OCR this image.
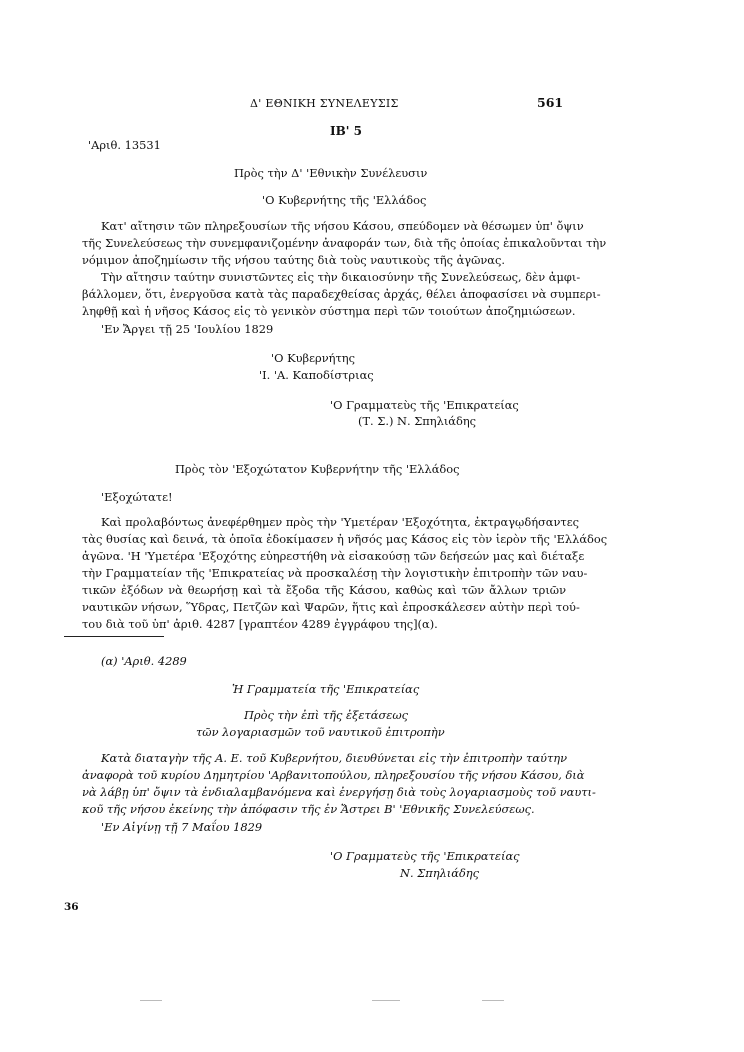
Δ' ΕΘΝΙΚΗ ΣΥΝΕΛΕΥΣΙΣ	561
'Αριθ. 13531
ΙΒ' 5
Πρὸς τὴν Δ' 'Εθνικὴν Συνέλευσιν
'Ο Κυβερνήτης τῆς 'Ελλάδος
Κατ' αἴτησιν τῶν πληρεξουσίων τῆς νήσου Κάσου, σπεύδομεν νὰ θέσωμεν ὑπ' ὄψιν
τῆς Συνελεύσεως τὴν συνεμφανιζομένην ἀναφοράν των, διὰ τῆς ὁποίας ἐπικαλοῦνται τὴν
νόμιμον ἀποζημίωσιν τῆς νήσου ταύτης διὰ τοὺς ναυτικοὺς τῆς ἀγῶνας.
Τὴν αἴτησιν ταύτην συνιστῶντες εἰς τὴν δικαιοσύνην τῆς Συνελεύσεως, δὲν ἀμφι-
βάλλομεν, ὅτι, ἐνεργοῦσα κατὰ τὰς παραδεχθείσας ἀρχάς, θέλει ἀποφασίσει νὰ συμπερι-
ληφθῇ καὶ ἡ νῆσος Κάσος εἰς τὸ γενικὸν σύστημα περὶ τῶν τοιούτων ἀποζημιώσεων.
'Εν Ἄργει τῇ 25 'Ιουλίου 1829
'Ο Κυβερνήτης
'Ι. 'Α. Καποδίστριας
'Ο Γραμματεὺς τῆς 'Επικρατείας
(Τ. Σ.) Ν. Σπηλιάδης
Πρὸς τὸν 'Εξοχώτατον Κυβερνήτην τῆς 'Ελλάδος
'Εξοχώτατε!
Καὶ προλαβόντως ἀνεφέρθημεν πρὸς τὴν 'Υμετέραν 'Εξοχότητα, ἐκτραγῳδήσαντες
τὰς θυσίας καὶ δεινά, τὰ ὁποῖα ἐδοκίμασεν ἡ νῆσός μας Κάσος εἰς τὸν ἱερὸν τῆς 'Ελλάδος
ἀγῶνα. 'Η 'Υμετέρα 'Εξοχότης εὐηρεστήθη νὰ εἰσακούσῃ τῶν δεήσεών μας καὶ διέταξε
τὴν Γραμματείαν τῆς 'Επικρατείας νὰ προσκαλέσῃ τὴν λογιστικὴν ἐπιτροπὴν τῶν ναυ-
τικῶν ἐξόδων νὰ θεωρήσῃ καὶ τὰ ἔξοδα τῆς Κάσου, καθὼς καὶ τῶν ἄλλων τριῶν
ναυτικῶν νήσων, Ὕδρας, Πετζῶν καὶ Ψαρῶν, ἥτις καὶ ἐπροσκάλεσεν αὐτὴν περὶ τού-
του διὰ τοῦ ὑπ' ἀριθ. 4287 [γραπτέον 4289 ἐγγράφου της](α).
(α) 'Αριθ. 4289
Ἡ Γραμματεία τῆς 'Επικρατείας
Πρὸς τὴν ἐπὶ τῆς ἐξετάσεως
τῶν λογαριασμῶν τοῦ ναυτικοῦ ἐπιτροπὴν
Κατὰ διαταγὴν τῆς Α. Ε. τοῦ Κυβερνήτου, διευθύνεται εἰς τὴν ἐπιτροπὴν ταύτην
ἀναφορὰ τοῦ κυρίου Δημητρίου 'Αρβανιτοπούλου, πληρεξουσίου τῆς νήσου Κάσου, διὰ
νὰ λάβῃ ὑπ' ὄψιν τὰ ἐνδιαλαμβανόμενα καὶ ἐνεργήσῃ διὰ τοὺς λογαριασμοὺς τοῦ ναυτι-
κοῦ τῆς νήσου ἐκείνης τὴν ἀπόφασιν τῆς ἐν Ἄστρει Β' 'Εθνικῆς Συνελεύσεως.
'Εν Αἰγίνῃ τῇ 7 Μαΐου 1829
'Ο Γραμματεὺς τῆς 'Επικρατείας
Ν. Σπηλιάδης
36
